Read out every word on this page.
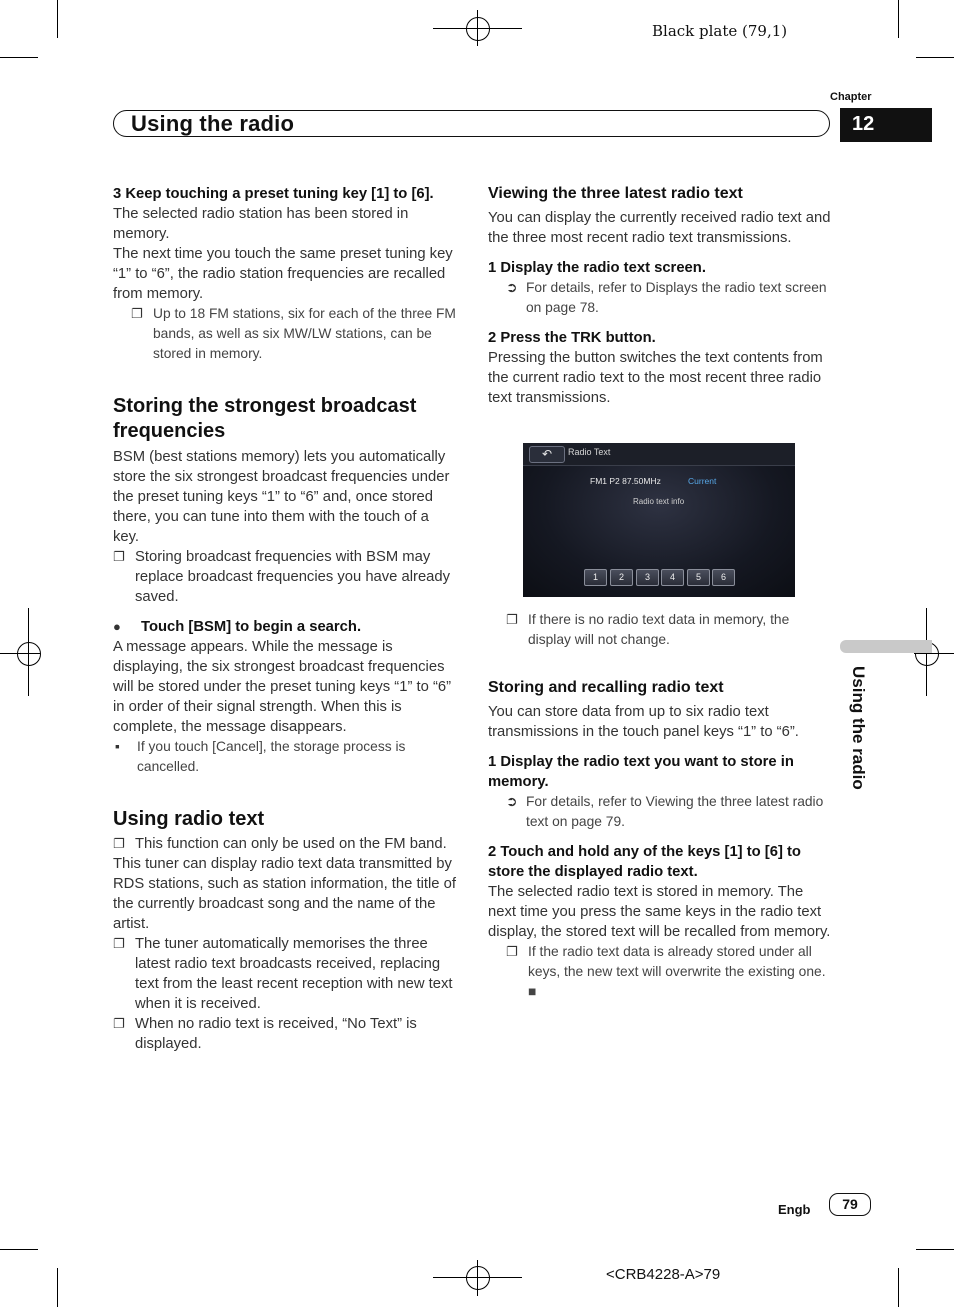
Black plate (79,1)
Chapter
Using the radio	12
Using the radio

3 Keep touching a preset tuning key [1] to [6].

The selected radio station has been stored in memory.

The next time you touch the same preset tuning key “1” to “6”, the radio station frequencies are recalled from memory.

❐ Up to 18 FM stations, six for each of the three FM bands, as well as six MW/LW stations, can be stored in memory.
Storing the strongest broadcast frequencies

BSM (best stations memory) lets you automatically store the six strongest broadcast frequencies under the preset tuning keys “1” to “6” and, once stored there, you can tune into them with the touch of a key.

❐ Storing broadcast frequencies with BSM may replace broadcast frequencies you have already saved.
●	Touch [BSM] to begin a search.

A message appears. While the message is displaying, the six strongest broadcast frequencies will be stored under the preset tuning keys “1” to “6” in order of their signal strength. When this is complete, the message disappears.

▪	If you touch [Cancel], the storage process is cancelled.
Using radio text
❐ This function can only be used on the FM band.

This tuner can display radio text data transmitted by RDS stations, such as station information, the title of the currently broadcast song and the name of the artist.

❐ The tuner automatically memorises the three latest radio text broadcasts received, replacing text from the least recent reception with new text when it is received.
❐ When no radio text is received, “No Text” is displayed.
Viewing the three latest radio text

You can display the currently received radio text and the three most recent radio text transmissions.

1 Display the radio text screen.

➲ For details, refer to Displays the radio text screen on page 78.

2 Press the TRK button.

Pressing the button switches the text contents from the current radio text to the most recent three radio text transmissions.

↶	Radio Text
FM1 P2 87.50MHz	Current
Radio text info
1	2	3	4	5	6
❐ If there is no radio text data in memory, the display will not change.
Storing and recalling radio text

You can store data from up to six radio text transmissions in the touch panel keys “1” to “6”.

1 Display the radio text you want to store in memory.

➲ For details, refer to Viewing the three latest radio text on page 79.

2 Touch and hold any of the keys [1] to [6] to store the displayed radio text.

The selected radio text is stored in memory. The next time you press the same keys in the radio text display, the stored text will be recalled from memory.

❐ If the radio text data is already stored under all keys, the new text will overwrite the existing one. ■
Engb	79
<CRB4228-A>79
